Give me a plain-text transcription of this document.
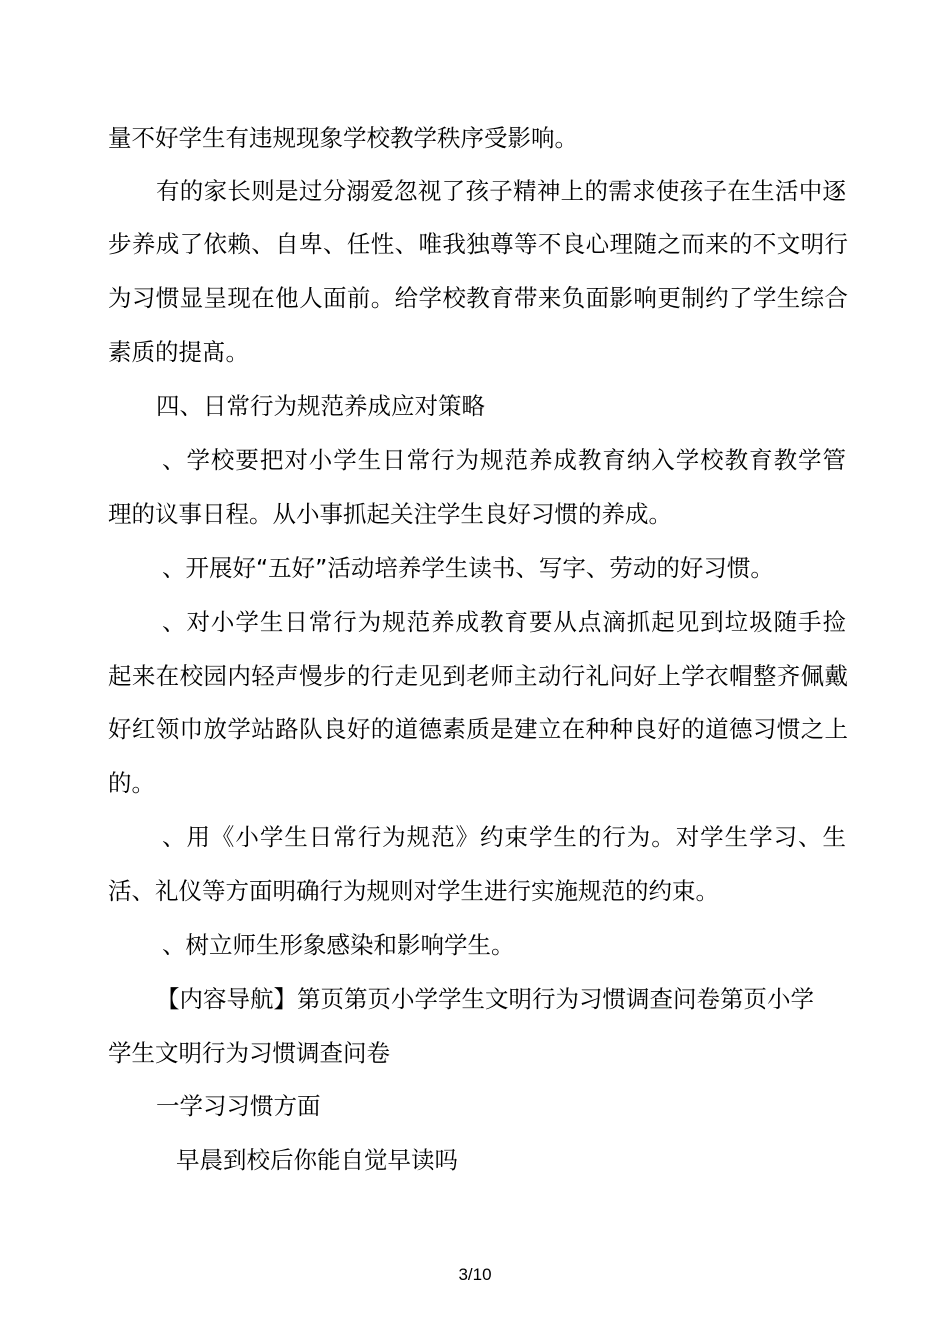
量不好学生有违规现象学校教学秩序受影响。
有的家长则是过分溺爱忽视了孩子精神上的需求使孩子在生活中逐
步养成了依赖、自卑、任性、唯我独尊等不良心理随之而来的不文明行
为习惯显呈现在他人面前。给学校教育带来负面影响更制约了学生综合
素质的提髙。
四、日常行为规范养成应对策略
、学校要把对小学生日常行为规范养成教育纳入学校教育教学管
理的议事日程。从小事抓起关注学生良好习惯的养成。
、开展好“五好”活动培养学生读书、写字、劳动的好习惯。
、对小学生日常行为规范养成教育要从点滴抓起见到垃圾随手捡
起来在校园内轻声慢步的行走见到老师主动行礼问好上学衣帽整齐佩戴
好红领巾放学站路队良好的道德素质是建立在种种良好的道德习惯之上
的。
、用《小学生日常行为规范》约束学生的行为。对学生学习、生
活、礼仪等方面明确行为规则对学生进行实施规范的约束。
、树立师生形象感染和影响学生。
【内容导航】第页第页小学学生文明行为习惯调查问卷第页小学
学生文明行为习惯调查问卷
一学习习惯方面
早晨到校后你能自觉早读吗
3/10
